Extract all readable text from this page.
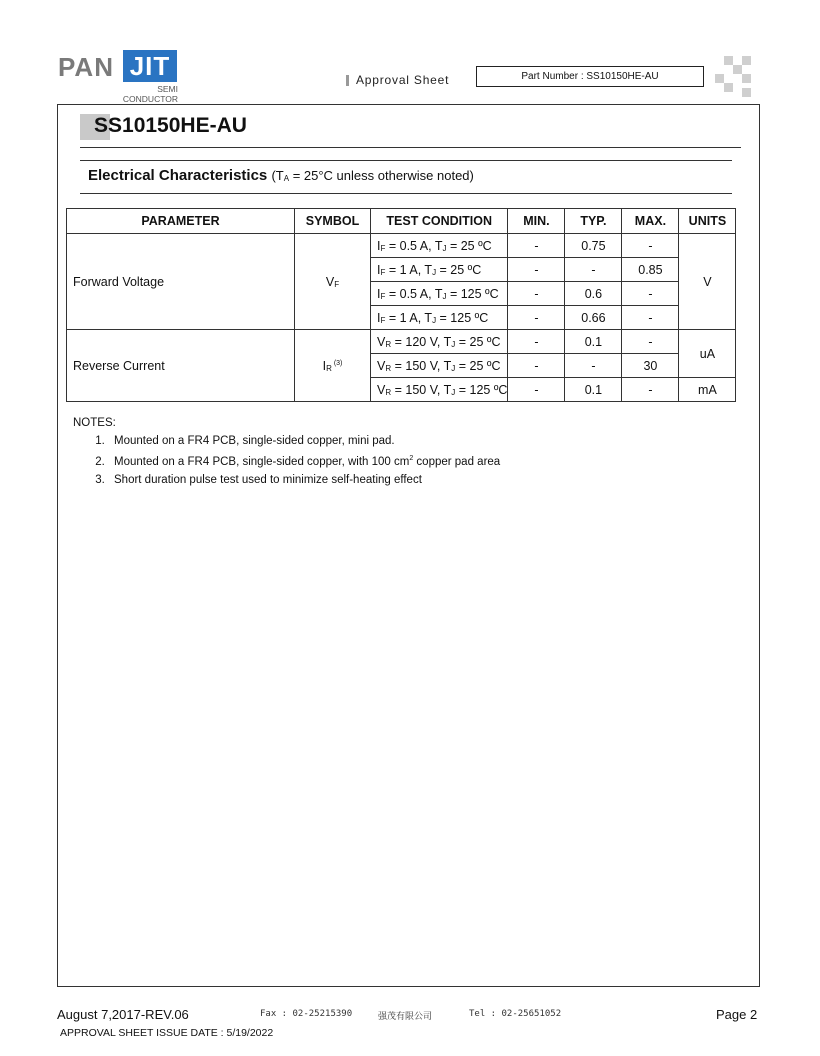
PAN JIT
SEMI
CONDUCTOR
Approval Sheet	Part Number : SS10150HE-AU
SS10150HE-AU
Electrical Characteristics ($T_A = 25^\circ C$ unless otherwise noted)
PARAMETER	SYMBOL	TEST CONDITION	MIN.	TYP.	MAX.	UNITS
Forward Voltage	$V_F$	$I_F = 0.5$ A, $T_J = 25$ ºC	-	0.75	-	V
		$I_F = 1$ A, $T_J = 25$ ºC	-	-	0.85	
		$I_F = 0.5$ A, $T_J = 125$ ºC	-	0.6	-	
		$I_F = 1$ A, $T_J = 125$ ºC	-	0.66	-	
Reverse Current	$I_R$ $^{(3)}$	$V_R = 120$ V, $T_J = 25$ ºC	-	0.1	-	uA
		$V_R = 150$ V, $T_J = 25$ ºC	-	-	30	
		$V_R = 150$ V, $T_J = 125$ ºC	-	0.1	-	mA
NOTES:
1. Mounted on a FR4 PCB, single-sided copper, mini pad.
2. Mounted on a FR4 PCB, single-sided copper, with 100 $cm^2$ copper pad area
3. Short duration pulse test used to minimize self-heating effect
August 7,2017-REV.06	Fax : 02-25215390	强茂有限公司	Tel : 02-25651052	Page 2
APPROVAL SHEET ISSUE DATE : 5/19/2022
